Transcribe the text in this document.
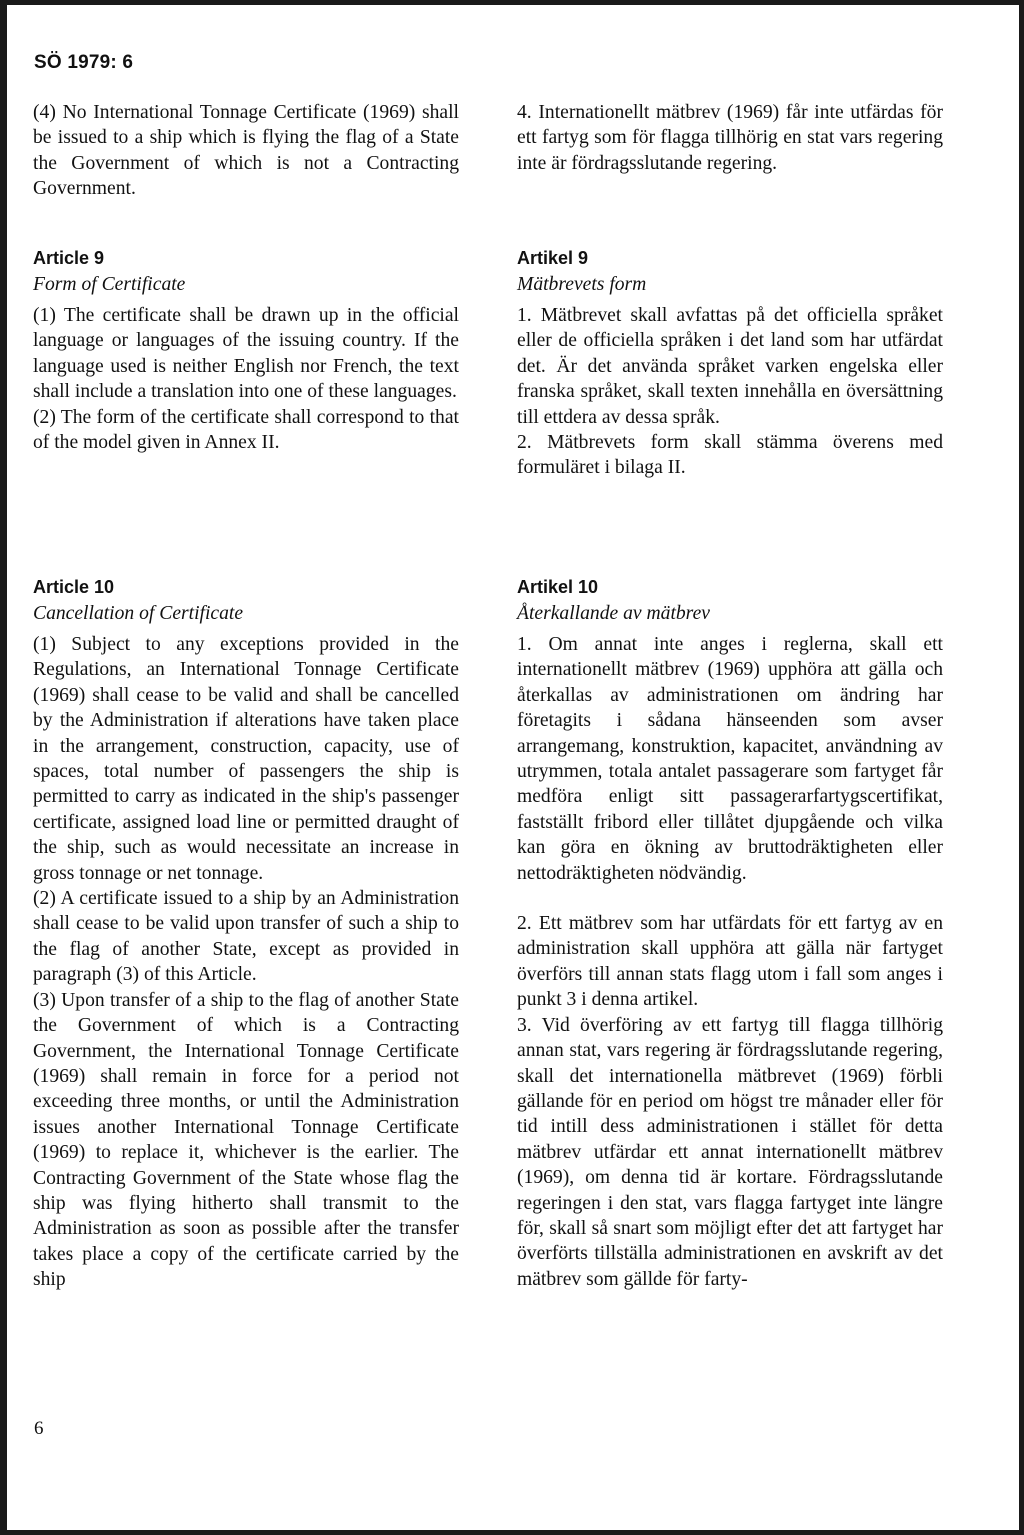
SÖ 1979: 6

(4) No International Tonnage Certificate (1969) shall be issued to a ship which is flying the flag of a State the Government of which is not a Contracting Government.

Article 9
Form of Certificate

(1) The certificate shall be drawn up in the official language or languages of the issuing country. If the language used is neither English nor French, the text shall include a translation into one of these languages.

(2) The form of the certificate shall correspond to that of the model given in Annex II.

Article 10
Cancellation of Certificate

(1) Subject to any exceptions provided in the Regulations, an International Tonnage Certificate (1969) shall cease to be valid and shall be cancelled by the Administration if alterations have taken place in the arrangement, construction, capacity, use of spaces, total number of passengers the ship is permitted to carry as indicated in the ship's passenger certificate, assigned load line or permitted draught of the ship, such as would necessitate an increase in gross tonnage or net tonnage.

(2) A certificate issued to a ship by an Administration shall cease to be valid upon transfer of such a ship to the flag of another State, except as provided in paragraph (3) of this Article.

(3) Upon transfer of a ship to the flag of another State the Government of which is a Contracting Government, the International Tonnage Certificate (1969) shall remain in force for a period not exceeding three months, or until the Administration issues another International Tonnage Certificate (1969) to replace it, whichever is the earlier. The Contracting Government of the State whose flag the ship was flying hitherto shall transmit to the Administration as soon as possible after the transfer takes place a copy of the certificate carried by the ship

4. Internationellt mätbrev (1969) får inte utfärdas för ett fartyg som för flagga tillhörig en stat vars regering inte är fördragsslutande regering.

Artikel 9
Mätbrevets form

1. Mätbrevet skall avfattas på det officiella språket eller de officiella språken i det land som har utfärdat det. Är det använda språket varken engelska eller franska språket, skall texten innehålla en översättning till ettdera av dessa språk.

2. Mätbrevets form skall stämma överens med formuläret i bilaga II.

Artikel 10
Återkallande av mätbrev

1. Om annat inte anges i reglerna, skall ett internationellt mätbrev (1969) upphöra att gälla och återkallas av administrationen om ändring har företagits i sådana hänseenden som avser arrangemang, konstruktion, kapacitet, användning av utrymmen, totala antalet passagerare som fartyget får medföra enligt sitt passagerarfartygscertifikat, fastställt fribord eller tillåtet djupgående och vilka kan göra en ökning av bruttodräktigheten eller nettodräktigheten nödvändig.

2. Ett mätbrev som har utfärdats för ett fartyg av en administration skall upphöra att gälla när fartyget överförs till annan stats flagg utom i fall som anges i punkt 3 i denna artikel.

3. Vid överföring av ett fartyg till flagga tillhörig annan stat, vars regering är fördragsslutande regering, skall det internationella mätbrevet (1969) förbli gällande för en period om högst tre månader eller för tid intill dess administrationen i stället för detta mätbrev utfärdar ett annat internationellt mätbrev (1969), om denna tid är kortare. Fördragsslutande regeringen i den stat, vars flagga fartyget inte längre för, skall så snart som möjligt efter det att fartyget har överförts tillställa administrationen en avskrift av det mätbrev som gällde för farty-

6
